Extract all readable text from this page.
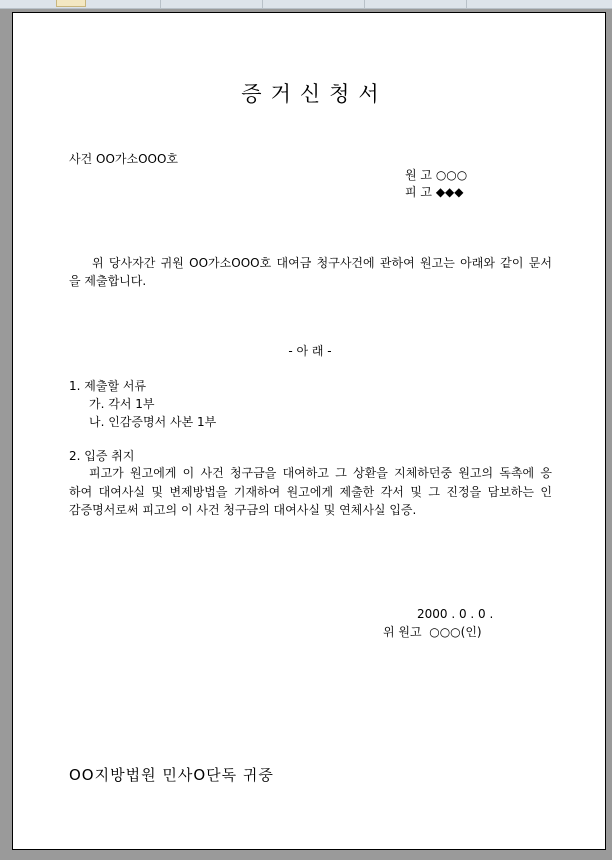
증거신청서
사건 OO가소OOO호
원 고 ○○○
피 고 ◆◆◆
위 당사자간 귀원 OO가소OOO호 대여금 청구사건에 관하여 원고는 아래와 같이 문서
을 제출합니다.
- 아 래 -
1. 제출할 서류
가. 각서 1부
나. 인감증명서 사본 1부
2. 입증 취지
피고가 원고에게 이 사건 청구금을 대여하고 그 상환을 지체하던중 원고의 독촉에 응
하여 대여사실 및 변제방법을 기재하여 원고에게 제출한 각서 및 그 진정을 담보하는 인
감증명서로써 피고의 이 사건 청구금의 대여사실 및 연체사실 입증.
2000 . 0 . 0 .
위 원고  ○○○(인)
OO지방법원 민사O단독 귀중
